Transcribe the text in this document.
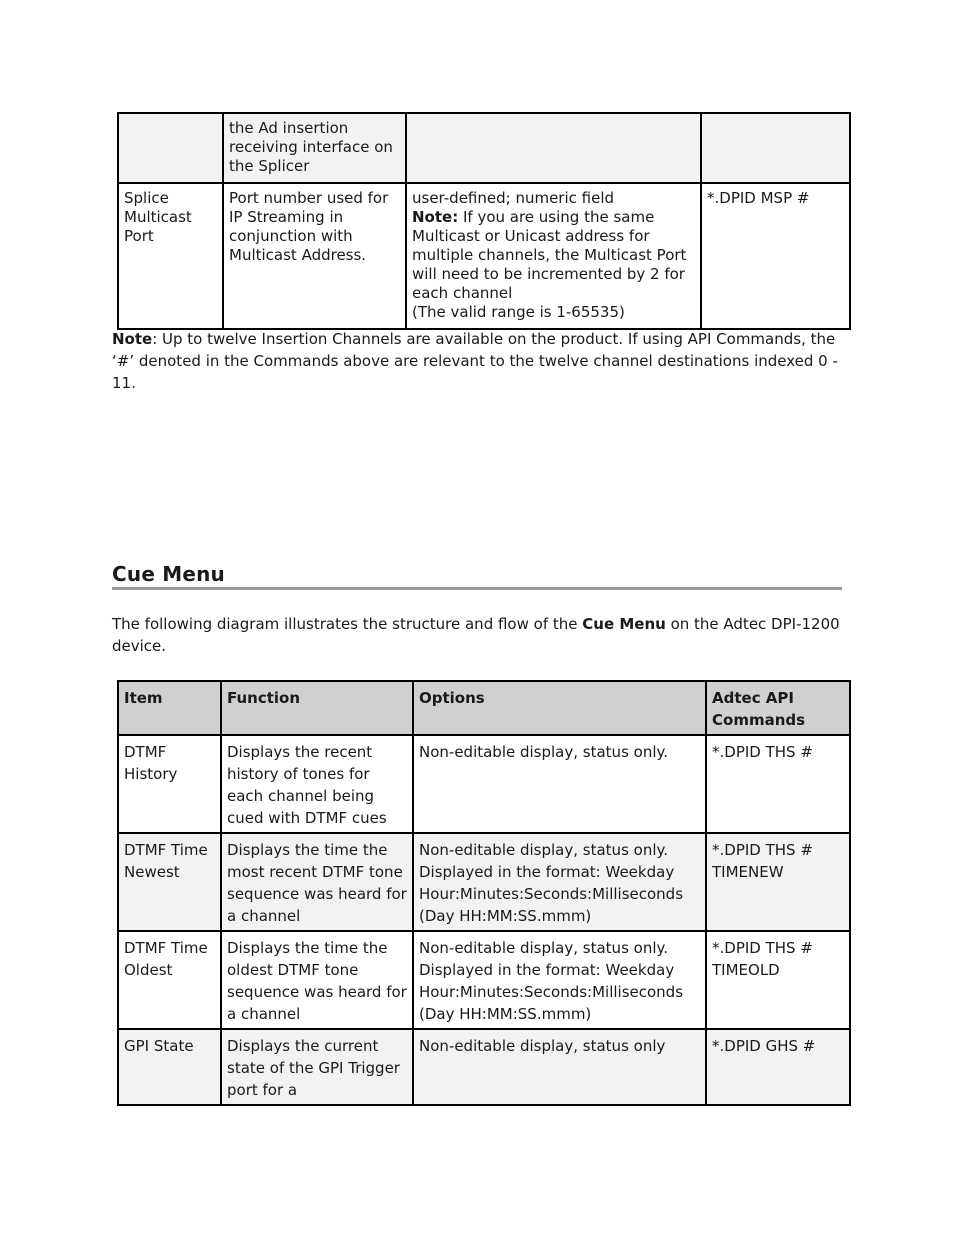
	the Ad insertion receiving interface on the Splicer		
Splice Multicast Port	Port number used for IP Streaming in conjunction with Multicast Address.	user-defined; numeric field
Note: If you are using the same Multicast or Unicast address for multiple channels, the Multicast Port will need to be incremented by 2 for each channel
(The valid range is 1-65535)	*.DPID MSP #
Note: Up to twelve Insertion Channels are available on the product. If using API Commands, the ‘#’ denoted in the Commands above are relevant to the twelve channel destinations indexed 0 - 11.
Cue Menu
The following diagram illustrates the structure and flow of the Cue Menu on the Adtec DPI-1200 device.
Item	Function	Options	Adtec API Commands
DTMF History	Displays the recent history of tones for each channel being cued with DTMF cues	Non-editable display, status only.	*.DPID THS #
DTMF Time Newest	Displays the time the most recent DTMF tone sequence was heard for a channel	Non-editable display, status only. Displayed in the format: Weekday Hour:Minutes:Seconds:Milliseconds (Day HH:MM:SS.mmm)	*.DPID THS # TIMENEW
DTMF Time Oldest	Displays the time the oldest DTMF tone sequence was heard for a channel	Non-editable display, status only. Displayed in the format: Weekday Hour:Minutes:Seconds:Milliseconds (Day HH:MM:SS.mmm)	*.DPID THS # TIMEOLD
GPI State	Displays the current state of the GPI Trigger port for a	Non-editable display, status only	*.DPID GHS #
